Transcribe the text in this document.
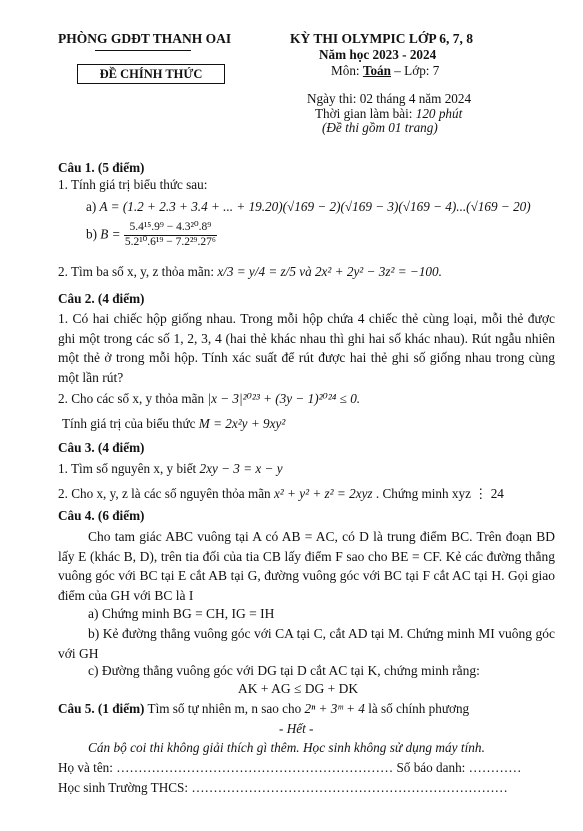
PHÒNG GDĐT THANH OAI
ĐỀ CHÍNH THỨC
KỲ THI OLYMPIC LỚP 6, 7, 8
Năm học 2023 - 2024
Môn: Toán – Lớp: 7
Ngày thi: 02 tháng 4 năm 2024
Thời gian làm bài: 120 phút
(Đề thi gồm 01 trang)
Câu 1. (5 điểm)
1. Tính giá trị biểu thức sau:
a) A = (1.2 + 2.3 + 3.4 + ... + 19.20)(√169 − 2)(√169 − 3)(√169 − 4)...(√169 − 20)
b) $B = \frac{\text{5.4¹⁵.9⁹ − 4.3²⁰.8⁹}}{\text{5.2¹⁰.6¹⁹ − 7.2²⁹.27⁶}}$
2. Tìm ba số x, y, z thỏa mãn: x/3 = y/4 = z/5 và 2x² + 2y² − 3z² = −100.
Câu 2. (4 điểm)
1. Có hai chiếc hộp giống nhau. Trong mỗi hộp chứa 4 chiếc thẻ cùng loại, mỗi thẻ được ghi một trong các số 1, 2, 3, 4 (hai thẻ khác nhau thì ghi hai số khác nhau). Rút ngẫu nhiên một thẻ ở trong mỗi hộp. Tính xác suất để rút được hai thẻ ghi số giống nhau trong cùng một lần rút?
2. Cho các số x, y thỏa mãn |x − 3|²⁰²³ + (3y − 1)²⁰²⁴ ≤ 0.
Tính giá trị của biểu thức M = 2x²y + 9xy²
Câu 3. (4 điểm)
1. Tìm số nguyên x, y biết 2xy − 3 = x − y
2. Cho x, y, z là các số nguyên thỏa mãn x² + y² + z² = 2xyz . Chứng minh xyz ⋮ 24
Câu 4. (6 điểm)
Cho tam giác ABC vuông tại A có AB = AC, có D là trung điểm BC. Trên đoạn BD lấy E (khác B, D), trên tia đối của tia CB lấy điểm F sao cho BE = CF. Kẻ các đường thẳng vuông góc với BC tại E cắt AB tại G, đường vuông góc với BC tại F cắt AC tại H. Gọi giao điểm của GH với BC là I
a) Chứng minh BG = CH, IG = IH
b) Kẻ đường thẳng vuông góc với CA tại C, cắt AD tại M. Chứng minh MI vuông góc với GH
c) Đường thẳng vuông góc với DG tại D cắt AC tại K, chứng minh rằng:
AK + AG ≤ DG + DK
Câu 5. (1 điểm) Tìm số tự nhiên m, n sao cho 2ⁿ + 3ᵐ + 4 là số chính phương
- Hết -
Cán bộ coi thi không giải thích gì thêm. Học sinh không sử dụng máy tính.
Họ và tên: ……………………………………………………… Số báo danh: …………
Học sinh Trường THCS: ………………………………………………………………
